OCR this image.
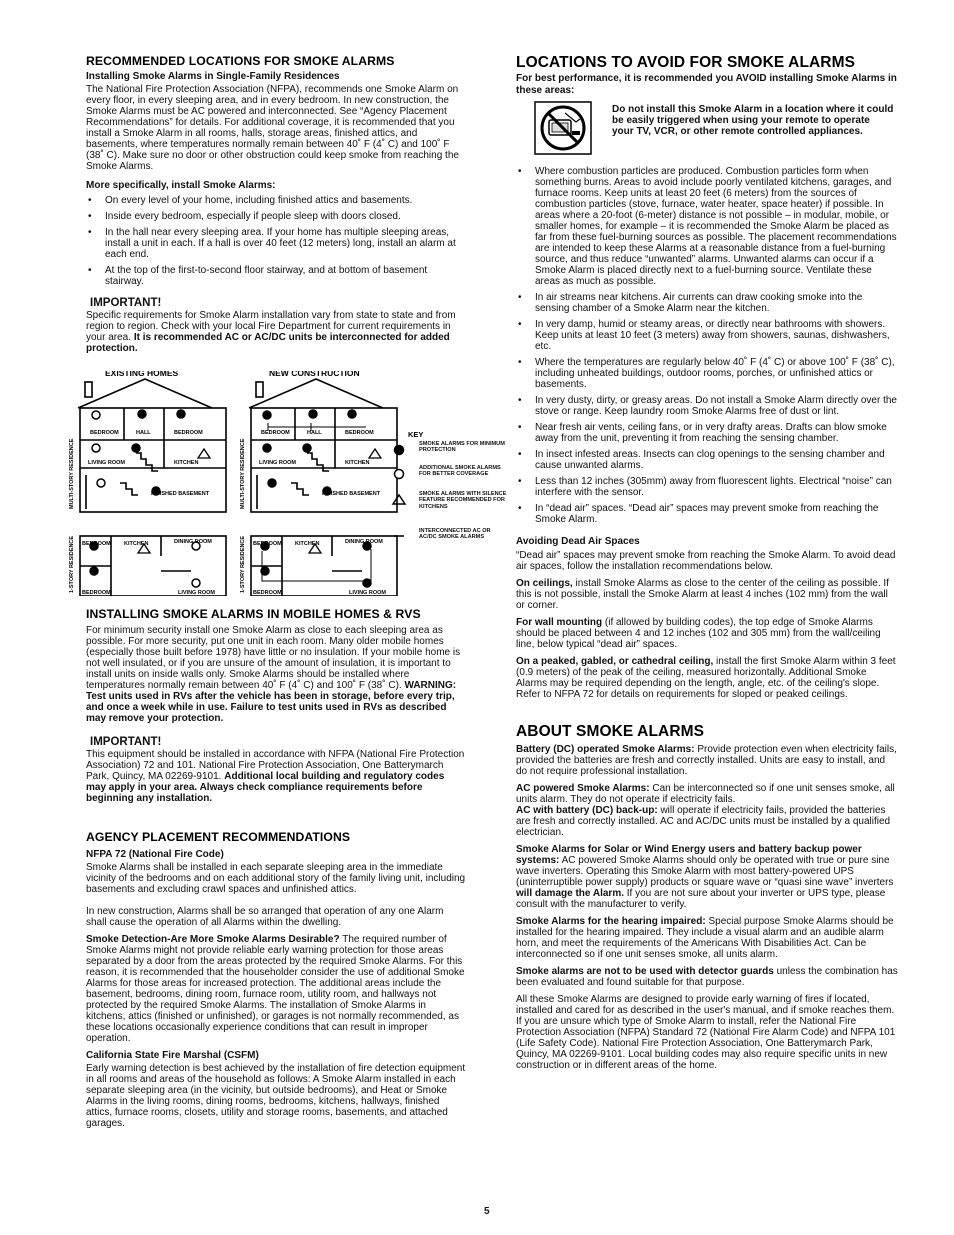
RECOMMENDED LOCATIONS FOR SMOKE ALARMS
Installing Smoke Alarms in Single-Family Residences

The National Fire Protection Association (NFPA), recommends one Smoke Alarm on every floor, in every sleeping area, and in every bedroom. In new construction, the Smoke Alarms must be AC powered and interconnected. See “Agency Placement Recommendations” for details. For additional coverage, it is recommended that you install a Smoke Alarm in all rooms, halls, storage areas, finished attics, and basements, where temperatures normally remain between 40˚ F (4˚ C) and 100˚ F (38˚ C). Make sure no door or other obstruction could keep smoke from reaching the Smoke Alarms.

More specifically, install Smoke Alarms:
• On every level of your home, including finished attics and basements.
• Inside every bedroom, especially if people sleep with doors closed.
• In the hall near every sleeping area. If your home has multiple sleeping areas, install a unit in each. If a hall is over 40 feet (12 meters) long, install an alarm at each end.
• At the top of the first-to-second floor stairway, and at bottom of basement stairway.
IMPORTANT!

Specific requirements for Smoke Alarm installation vary from state to state and from region to region. Check with your local Fire Department for current requirements in your area. It is recommended AC or AC/DC units be interconnected for added protection.

EXISTING HOMES	NEW CONSTRUCTION
MULTI-STORY RESIDENCE
1-STORY RESIDENCE
MULTI-STORY RESIDENCE
1-STORY RESIDENCE
BEDROOM	HALL	BEDROOM
LIVING ROOM	KITCHEN
FINISHED BASEMENT
BEDROOM KITCHEN	DINING ROOM
BEDROOM	LIVING ROOM
BEDROOM	HALL	BEDROOM
LIVING ROOM	KITCHEN
FINISHED BASEMENT
BEDROOM KITCHEN	DINING ROOM
BEDROOM	LIVING ROOM
KEY
SMOKE ALARMS FOR MINIMUM PROTECTION
ADDITIONAL SMOKE ALARMS FOR BETTER COVERAGE
SMOKE ALARMS WITH SILENCE FEATURE RECOMMENDED FOR KITCHENS
INTERCONNECTED AC OR AC/DC SMOKE ALARMS
INSTALLING SMOKE ALARMS IN MOBILE HOMES & RVS

For minimum security install one Smoke Alarm as close to each sleeping area as possible. For more security, put one unit in each room. Many older mobile homes (especially those built before 1978) have little or no insulation. If your mobile home is not well insulated, or if you are unsure of the amount of insulation, it is important to install units on inside walls only. Smoke Alarms should be installed where temperatures normally remain between 40˚ F (4˚ C) and 100˚ F (38˚ C). WARNING: Test units used in RVs after the vehicle has been in storage, before every trip, and once a week while in use. Failure to test units used in RVs as described may remove your protection.

IMPORTANT!

This equipment should be installed in accordance with NFPA (National Fire Protection Association) 72 and 101. National Fire Protection Association, One Batterymarch Park, Quincy, MA 02269-9101. Additional local building and regulatory codes may apply in your area. Always check compliance requirements before beginning any installation.

AGENCY PLACEMENT RECOMMENDATIONS
NFPA 72 (National Fire Code)

Smoke Alarms shall be installed in each separate sleeping area in the immediate vicinity of the bedrooms and on each additional story of the family living unit, including basements and excluding crawl spaces and unfinished attics.

In new construction, Alarms shall be so arranged that operation of any one Alarm shall cause the operation of all Alarms within the dwelling.

Smoke Detection-Are More Smoke Alarms Desirable? The required number of Smoke Alarms might not provide reliable early warning protection for those areas separated by a door from the areas protected by the required Smoke Alarms. For this reason, it is recommended that the householder consider the use of additional Smoke Alarms for those areas for increased protection. The additional areas include the basement, bedrooms, dining room, furnace room, utility room, and hallways not protected by the required Smoke Alarms. The installation of Smoke Alarms in kitchens, attics (finished or unfinished), or garages is not normally recommended, as these locations occasionally experience conditions that can result in improper operation.

California State Fire Marshal (CSFM)

Early warning detection is best achieved by the installation of fire detection equipment in all rooms and areas of the household as follows: A Smoke Alarm installed in each separate sleeping area (in the vicinity, but outside bedrooms), and Heat or Smoke Alarms in the living rooms, dining rooms, bedrooms, kitchens, hallways, finished attics, furnace rooms, closets, utility and storage rooms, basements, and attached garages.

LOCATIONS TO AVOID FOR SMOKE ALARMS
For best performance, it is recommended you AVOID installing Smoke Alarms in these areas:

Do not install this Smoke Alarm in a location where it could be easily triggered when using your remote to operate your TV, VCR, or other remote controlled appliances.

• Where combustion particles are produced. Combustion particles form when something burns. Areas to avoid include poorly ventilated kitchens, garages, and furnace rooms. Keep units at least 20 feet (6 meters) from the sources of combustion particles (stove, furnace, water heater, space heater) if possible. In areas where a 20-foot (6-meter) distance is not possible – in modular, mobile, or smaller homes, for example – it is recommended the Smoke Alarm be placed as far from these fuel-burning sources as possible. The placement recommendations are intended to keep these Alarms at a reasonable distance from a fuel-burning source, and thus reduce “unwanted” alarms. Unwanted alarms can occur if a Smoke Alarm is placed directly next to a fuel-burning source. Ventilate these areas as much as possible.
• In air streams near kitchens. Air currents can draw cooking smoke into the sensing chamber of a Smoke Alarm near the kitchen.
• In very damp, humid or steamy areas, or directly near bathrooms with showers. Keep units at least 10 feet (3 meters) away from showers, saunas, dishwashers, etc.
• Where the temperatures are regularly below 40˚ F (4˚ C) or above 100˚ F (38˚ C), including unheated buildings, outdoor rooms, porches, or unfinished attics or basements.
• In very dusty, dirty, or greasy areas. Do not install a Smoke Alarm directly over the stove or range. Keep laundry room Smoke Alarms free of dust or lint.
• Near fresh air vents, ceiling fans, or in very drafty areas. Drafts can blow smoke away from the unit, preventing it from reaching the sensing chamber.
• In insect infested areas. Insects can clog openings to the sensing chamber and cause unwanted alarms.
• Less than 12 inches (305mm) away from fluorescent lights. Electrical “noise” can interfere with the sensor.
• In “dead air” spaces. “Dead air” spaces may prevent smoke from reaching the Smoke Alarm.
Avoiding Dead Air Spaces

“Dead air” spaces may prevent smoke from reaching the Smoke Alarm. To avoid dead air spaces, follow the installation recommendations below.

On ceilings, install Smoke Alarms as close to the center of the ceiling as possible. If this is not possible, install the Smoke Alarm at least 4 inches (102 mm) from the wall or corner.

For wall mounting (if allowed by building codes), the top edge of Smoke Alarms should be placed between 4 and 12 inches (102 and 305 mm) from the wall/ceiling line, below typical “dead air” spaces.

On a peaked, gabled, or cathedral ceiling, install the first Smoke Alarm within 3 feet (0.9 meters) of the peak of the ceiling, measured horizontally. Additional Smoke Alarms may be required depending on the length, angle, etc. of the ceiling's slope. Refer to NFPA 72 for details on requirements for sloped or peaked ceilings.

ABOUT SMOKE ALARMS

Battery (DC) operated Smoke Alarms: Provide protection even when electricity fails, provided the batteries are fresh and correctly installed. Units are easy to install, and do not require professional installation.

AC powered Smoke Alarms: Can be interconnected so if one unit senses smoke, all units alarm. They do not operate if electricity fails.
AC with battery (DC) back-up: will operate if electricity fails, provided the batteries are fresh and correctly installed. AC and AC/DC units must be installed by a qualified electrician.

Smoke Alarms for Solar or Wind Energy users and battery backup power systems: AC powered Smoke Alarms should only be operated with true or pure sine wave inverters. Operating this Smoke Alarm with most battery-powered UPS (uninterruptible power supply) products or square wave or “quasi sine wave” inverters will damage the Alarm. If you are not sure about your inverter or UPS type, please consult with the manufacturer to verify.

Smoke Alarms for the hearing impaired: Special purpose Smoke Alarms should be installed for the hearing impaired. They include a visual alarm and an audible alarm horn, and meet the requirements of the Americans With Disabilities Act. Can be interconnected so if one unit senses smoke, all units alarm.

Smoke alarms are not to be used with detector guards unless the combination has been evaluated and found suitable for that purpose.

All these Smoke Alarms are designed to provide early warning of fires if located, installed and cared for as described in the user's manual, and if smoke reaches them. If you are unsure which type of Smoke Alarm to install, refer the National Fire Protection Association (NFPA) Standard 72 (National Fire Alarm Code) and NFPA 101 (Life Safety Code). National Fire Protection Association, One Batterymarch Park, Quincy, MA 02269-9101. Local building codes may also require specific units in new construction or in different areas of the home.

5
